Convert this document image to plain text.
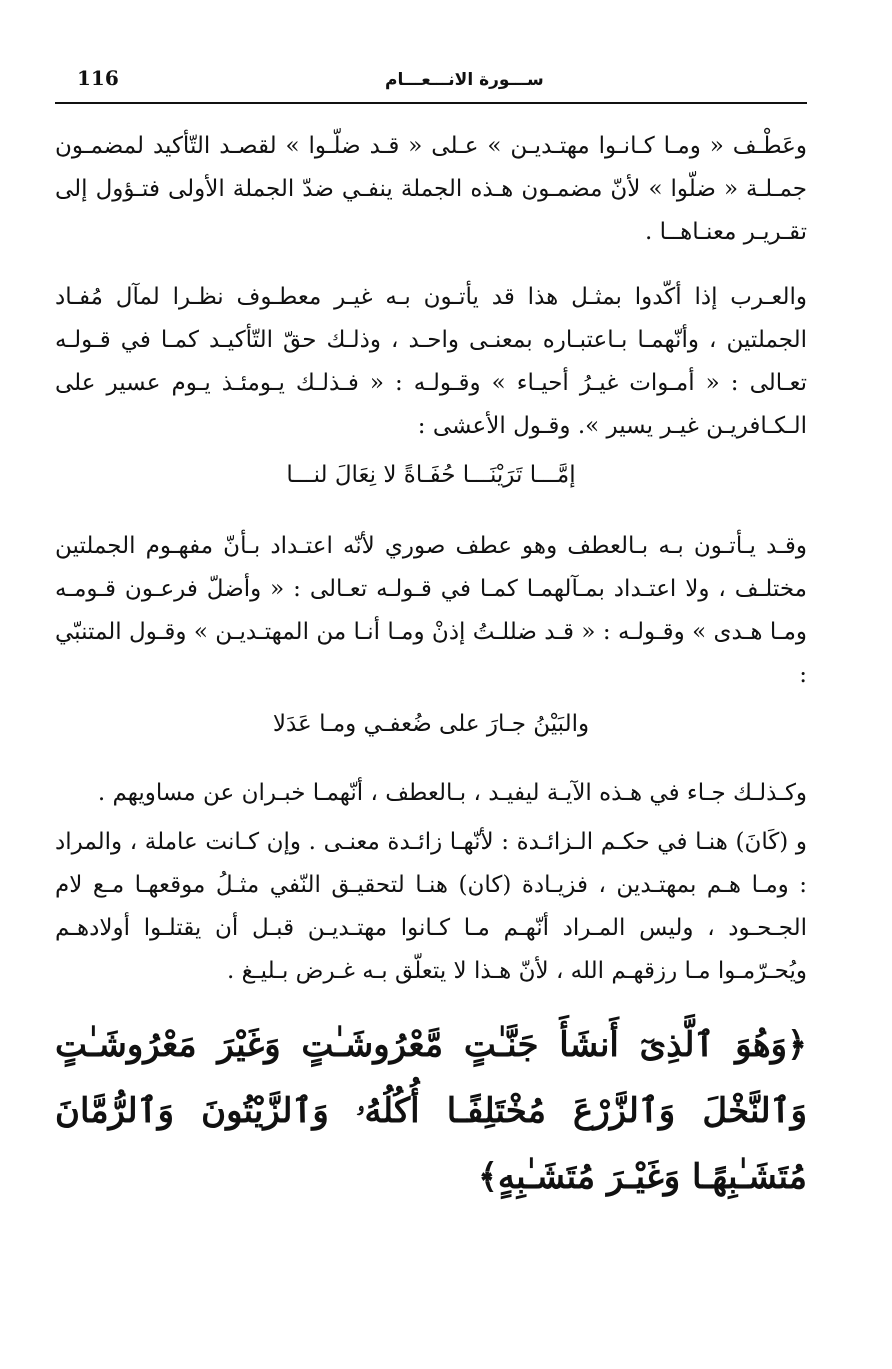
116	ســـورة الانـــعـــام

وعَطْـف « ومـا كـانـوا مهتـديـن » عـلى « قـد ضلّـوا » لقصـد التّأكيد لمضمـون جمـلـة « ضلّوا » لأنّ مضمـون هـذه الجملة ينفـي ضدّ الجملة الأولى فتـؤول إلى تقـريـر معنـاهــا .

والعـرب إذا أكّدوا بمثـل هذا قد يأتـون بـه غيـر معطـوف نظـرا لمآل مُفـاد الجملتين ، وأنّهمـا بـاعتبـاره بمعنـى واحـد ، وذلـك حقّ التّأكيـد كمـا في قـولـه تعـالى : « أمـوات غيـرُ أحيـاء » وقـولـه : « فـذلـك يـومئـذ يـوم عسير على الـكـافريـن غيـر يسير ». وقـول الأعشى :

إمَّـــا تَرَيْنَـــا حُفَـاةً لا نِعَالَ لنـــا

وقـد يـأتـون بـه بـالعطف وهو عطف صوري لأنّه اعتـداد بـأنّ مفهـوم الجملتين مختلـف ، ولا اعتـداد بمـآلهمـا كمـا في قـولـه تعـالى : « وأضلّ فرعـون قـومـه ومـا هـدى » وقـولـه : « قـد ضللـتُ إذنْ ومـا أنـا من المهتـديـن » وقـول المتنبّي :

والبَيْنُ جـارَ على ضُعفـي ومـا عَدَلا

وكـذلـك جـاء في هـذه الآيـة ليفيـد ، بـالعطف ، أنّهمـا خبـران عن مساويهم .

و (كَانَ) هنـا في حكـم الـزائـدة : لأنّهـا زائـدة معنـى . وإن كـانت عاملة ، والمراد : ومـا هـم بمهتـدين ، فزيـادة (كان) هنـا لتحقيـق النّفي مثـلُ موقعهـا مـع لام الجـحـود ، وليس المـراد أنّهـم مـا كـانوا مهتـديـن قبـل أن يقتلـوا أولادهـم ويُحـرّمـوا مـا رزقهـم الله ، لأنّ هـذا لا يتعلّق بـه غـرض بـليـغ .

﴿وَهُوَ ٱلَّذِىٓ أَنشَأَ جَنَّـٰتٍ مَّعْرُوشَـٰتٍ وَغَيْرَ مَعْرُوشَـٰتٍ وَٱلنَّخْلَ وَٱلزَّرْعَ مُخْتَلِفًـا أُكُلُهُۥ وَٱلزَّيْتُونَ وَٱلرُّمَّانَ مُتَشَـٰبِهًـا وَغَيْـرَ مُتَشَـٰبِهٍ﴾
